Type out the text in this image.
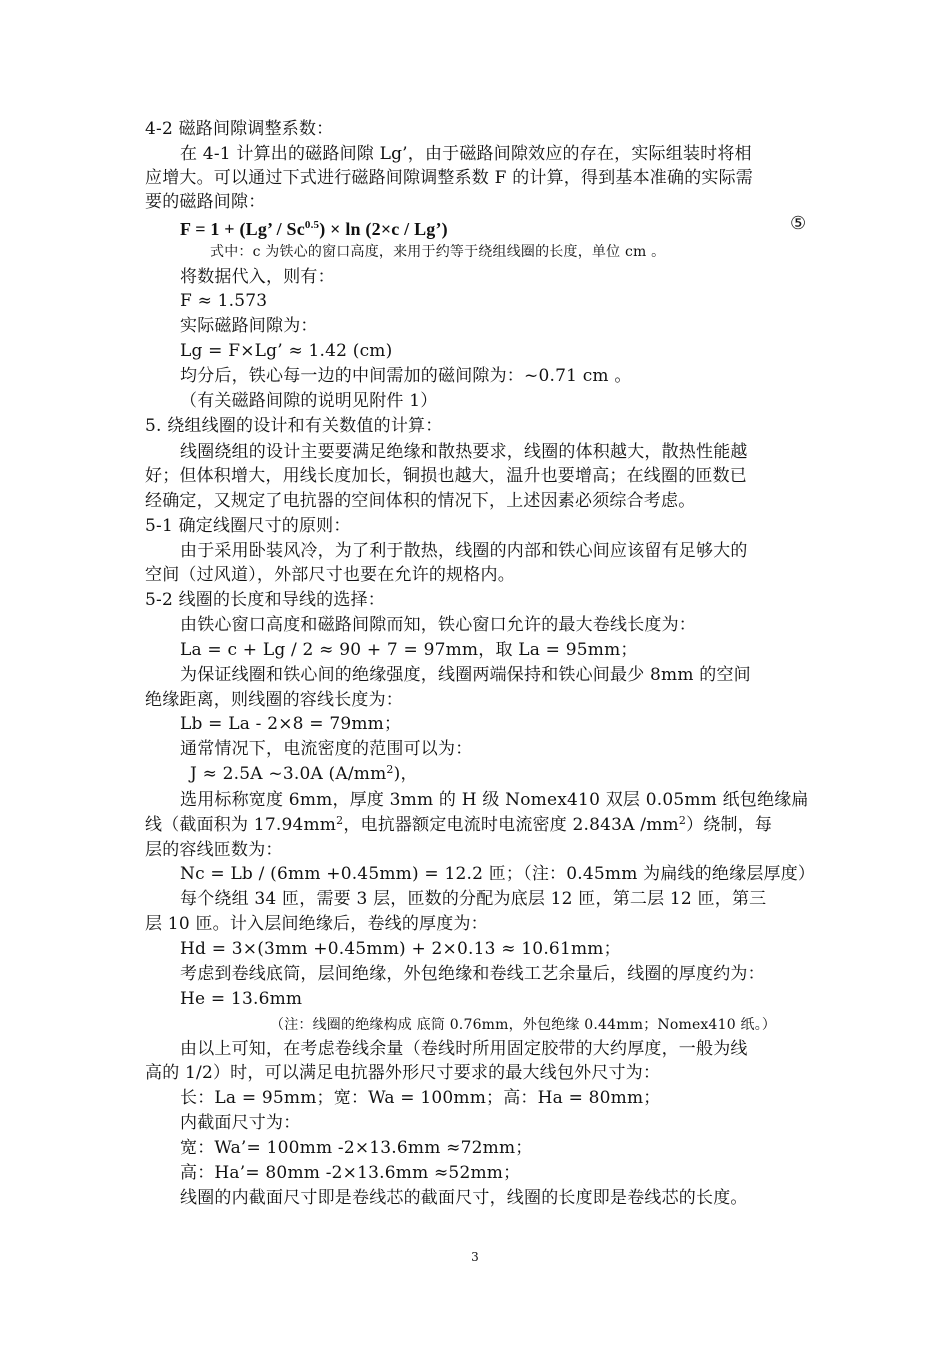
4-2 磁路间隙调整系数：
在 4-1 计算出的磁路间隙 Lg’，由于磁路间隙效应的存在，实际组装时将相
应增大。可以通过下式进行磁路间隙调整系数 F 的计算，得到基本准确的实际需
要的磁路间隙：
F = 1 + (Lg’ / $Sc^{0.5}) \times \ln (2\times c$ / Lg’)	⑤
式中：c 为铁心的窗口高度，来用于约等于绕组线圈的长度，单位 cm 。
将数据代入，则有：
F ≈ 1.573
实际磁路间隙为：
Lg = F×Lg’ ≈ 1.42 (cm)
均分后，铁心每一边的中间需加的磁间隙为：~0.71 cm 。
（有关磁路间隙的说明见附件 1）
5. 绕组线圈的设计和有关数值的计算：
线圈绕组的设计主要要满足绝缘和散热要求，线圈的体积越大，散热性能越
好；但体积增大，用线长度加长，铜损也越大，温升也要增高；在线圈的匝数已
经确定，又规定了电抗器的空间体积的情况下，上述因素必须综合考虑。
5-1 确定线圈尺寸的原则：
由于采用卧装风冷，为了利于散热，线圈的内部和铁心间应该留有足够大的
空间（过风道），外部尺寸也要在允许的规格内。
5-2 线圈的长度和导线的选择：
由铁心窗口高度和磁路间隙而知，铁心窗口允许的最大卷线长度为：
La = c + Lg / 2 ≈ 90 + 7 = 97mm，取 La = 95mm；
为保证线圈和铁心间的绝缘强度，线圈两端保持和铁心间最少 8mm 的空间
绝缘距离，则线圈的容线长度为：
Lb = La - 2×8 = 79mm；
通常情况下，电流密度的范围可以为：
J ≈ 2.5A ~3.0A $(A/mm^2)$，
选用标称宽度 6mm，厚度 3mm 的 H 级 Nomex410 双层 0.05mm 纸包绝缘扁
线（截面积为 $17.94mm^2$，电抗器额定电流时电流密度 2.843A $/mm^2$）绕制，每
层的容线匝数为：
Nc = Lb / (6mm +0.45mm) = 12.2 匝；（注：0.45mm 为扁线的绝缘层厚度）
每个绕组 34 匝，需要 3 层，匝数的分配为底层 12 匝，第二层 12 匝，第三
层 10 匝。计入层间绝缘后，卷线的厚度为：
Hd = 3×(3mm +0.45mm) + 2×0.13 ≈ 10.61mm；
考虑到卷线底筒，层间绝缘，外包绝缘和卷线工艺余量后，线圈的厚度约为：
He = 13.6mm
（注：线圈的绝缘构成 底筒 0.76mm，外包绝缘 0.44mm；Nomex410 纸。）
由以上可知，在考虑卷线余量（卷线时所用固定胶带的大约厚度，一般为线
高的 1/2）时，可以满足电抗器外形尺寸要求的最大线包外尺寸为：
长：La = 95mm；宽：Wa = 100mm；高：Ha = 80mm；
内截面尺寸为：
宽：Wa’= 100mm -2×13.6mm ≈72mm；
高：Ha’= 80mm -2×13.6mm ≈52mm；
线圈的内截面尺寸即是卷线芯的截面尺寸，线圈的长度即是卷线芯的长度。
3
